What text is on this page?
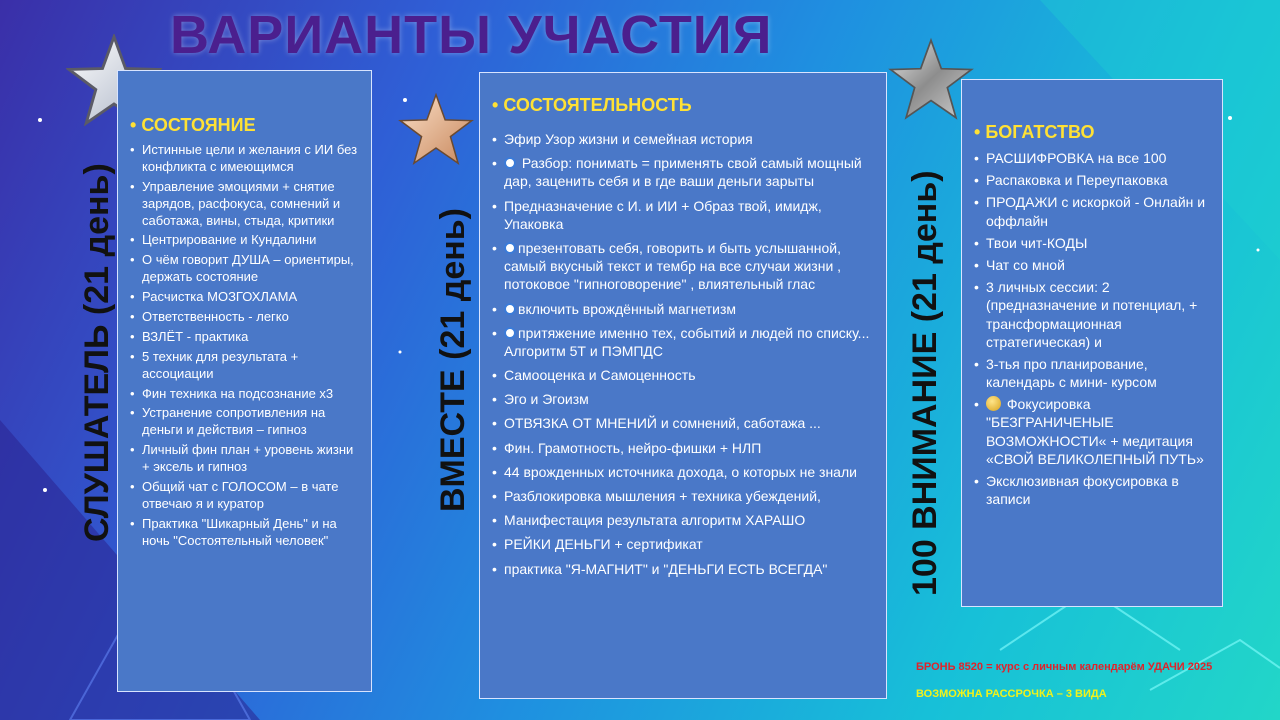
ВАРИАНТЫ УЧАСТИЯ
СЛУШАТЕЛЬ (21 день)	ВМЕСТЕ (21 день)	100 ВНИМАНИЕ (21 день)
• СОСТОЯНИЕ
• Истинные цели и желания с ИИ без конфликта с имеющимся
• Управление эмоциями + снятие зарядов, расфокуса, сомнений и саботажа, вины, стыда, критики
• Центрирование и Кундалини
• О чём говорит ДУША – ориентиры, держать состояние
• Расчистка МОЗГОХЛАМА
• Ответственность - легко
• ВЗЛЁТ - практика
• 5 техник для результата + ассоциации
• Фин техника на подсознание х3
• Устранение сопротивления на деньги и действия – гипноз
• Личный фин план + уровень жизни + эксель и гипноз
• Общий чат с ГОЛОСОМ – в чате отвечаю я и куратор
• Практика "Шикарный День" и на ночь "Состоятельный человек"
• СОСТОЯТЕЛЬНОСТЬ
• Эфир Узор жизни и семейная история
• Разбор: понимать = применять свой самый мощный дар, заценить себя и в где ваши деньги зарыты
• Предназначение с И. и ИИ + Образ твой, имидж, Упаковка
• презентовать себя, говорить и быть услышанной, самый вкусный текст и тембр на все случаи жизни , потоковое "гипноговорение" , влиятельный глас
• включить врождённый магнетизм
• притяжение именно тех, событий и людей по списку... Алгоритм 5Т и ПЭМПДС
• Самооценка и Самоценность
• Эго и Эгоизм
• ОТВЯЗКА ОТ МНЕНИЙ и сомнений, саботажа ...
• Фин. Грамотность, нейро-фишки + НЛП
• 44 врожденных источника дохода, о которых не знали
• Разблокировка мышления + техника убеждений,
• Манифестация результата алгоритм ХАРАШО
• РЕЙКИ ДЕНЬГИ + сертификат
• практика "Я-МАГНИТ" и "ДЕНЬГИ ЕСТЬ ВСЕГДА"
• БОГАТСТВО
• РАСШИФРОВКА на все 100
• Распаковка и Переупаковка
• ПРОДАЖИ с искоркой - Онлайн и оффлайн
• Твои чит-КОДЫ
• Чат со мной
• 3 личных сессии: 2 (предназначение и потенциал, + трансформационная стратегическая) и
• 3-тья про планирование, календарь с мини- курсом
• Фокусировка "БЕЗГРАНИЧЕНЫЕ ВОЗМОЖНОСТИ« + медитация «СВОЙ ВЕЛИКОЛЕПНЫЙ ПУТЬ»
• Эксклюзивная фокусировка в записи
БРОНЬ 8520 = курс с личным календарём УДАЧИ 2025
ВОЗМОЖНА РАССРОЧКА – 3 ВИДА
